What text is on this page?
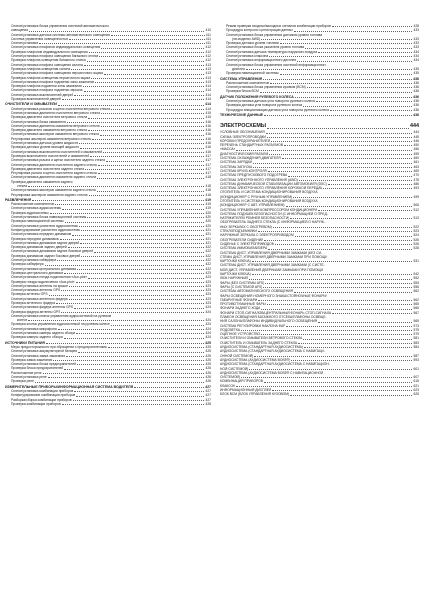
Снятие/установка блока управления системой автоматического
освещения	410
Снятие/установка датчика системы автоматического освещения	411
Система управления освещенностью	411
Снятие/установка	411
Снятие/установка плафонов индивидуального освещения	412
Проверка плафонов индивидуального освещения	412
Снятие/установка плафона освещения багажного отсека	412
Проверка плафона освещения багажного отсека	412
Снятие/установка плафона освещения салона	413
Проверка плафона освещения салона	413
Снятие/установка плафона освещения перчаточного ящика	413
Проверка плафона освещения перчаточного ящика	413
Снятие/установка плафона подсветки зоны зажигания	413
Проверка плафона подсветки зоны зажигания	414
Снятие/установка плафона подсветки зеркала	414
Снятие/установка выключателей дверей	414
Проверка выключателей дверей	414
ОЧИСТИТЕЛИ И ОМЫВАТЕЛИ	414
Снятие/установка рычагов и щеток очистителя ветрового стекла	414
Снятие/установка двигателя очистителя ветрового стекла	415
Проверка двигателя очистителя ветрового стекла	415
Снятие/установка бачка омывателя	416
Снятие/установка двигателя омывателя ветрового стекла	416
Проверка двигателя омывателя ветрового стекла	416
Снятие/установка жиклеров омывателя ветрового стекла	416
Регулировка жиклеров омывателя ветрового стекла	416
Снятие/установка датчика уровня жидкости	416
Проверка датчика уровня моющей жидкости	416
Снятие/установка выключателя очистителей и омывателей	416
Проверка выключателя очистителей и омывателей	417
Снятие/установка рычага и щетки очистителя заднего стекла	417
Снятие/установка двигателя очистителя заднего стекла	417
Проверка двигателя очистителя заднего стекла	417
Регулировка рычага и щеток очистителя заднего стекла	417
Снятие/установка двигателя омывателя заднего стекла	418
Проверка двигателя омывателя заднего
стекла	418
Снятие/установка жиклеров омывателя заднего стекла	418
Регулировка жиклеров омывателя заднего стекла	418
РАЗВЛЕЧЕНИЯ	419
Расположение компонентов	419
Снятие/установка аудиосистемы	419
Проверка аудиосистемы	420
Снятие/установка блока навигационной системы	420
Проверка навигационной системы	420
Снятие/установка усилителя аудиосистемы	420
Конфигурирование усилителя аудиосистемы	421
Снятие/установка передних динамиков	421
Проверка передних динамиков	421
Снятие/установка динамиков задних дверей	421
Проверка динамиков задних дверей	422
Снятие/установка динамиков задних боковых дверей	422
Проверка динамиков задних боковых дверей	422
Снятие/установка сабвуфера	422
Проверка сабвуфера	422
Снятие/установка центрального динамика	422
Проверка центрального динамика	423
Снятие/установка гнезда подключения «Aux-plot»	423
Проверка гнезда подключения «Aux-plot»	423
Снятие/установка антенны на крыше	423
Снятие/установка антенны GPS	423
Проверка антенны GPS	423
Снятие/установка антенного фидера	423
Проверка антенного фидера	423
Снятие/установка фидера антенны GPS	424
Проверка фидера антенны GPS	424
Снятие/установка кнопок управления аудиосистемой на рулевом
колесе	424
Проверка кнопок управления аудиосистемой на рулевом колесе	424
Снятие/установка микрофона	424
Снятие/установка камеры заднего обзора	424
Проверка камеры заднего обзора	424
ИСТОЧНИКИ ПИТАНИЯ	425
Меры предосторожности при обращении с предохранителями	425
Снятие/установка аккумуляторной батареи	425
Снятие/установка замка зажигания	425
Проверка замка зажигания	425
Снятие/установка блока предохранителей	425
Проверка блока предохранителей	426
Расположение реле	426
Снятие/установка реле	426
Проверка реле	426
ИЗМЕРИТЕЛЬНЫЕ ПРИБОРЫ/ИНФОРМАЦИОННАЯ СИСТЕМА ВОДИТЕЛЯ	427
Снятие/установка комбинации приборов	427
Конфигурирование комбинации приборов	427
Разборка/сборка комбинации приборов	427
Проверка комбинации приборов	428
Режим проверки входных/выходных сигналов комбинации приборов	428
Процедура контроля и регистрации данных	433
Снятие/установка блока управления датчиком уровня топлива
(на моделях AWD)	433
Проверка датчика уровня топлива	433
Снятие/установка блока указателя уровня топлива	433
Снятие/установка датчика температуры наружного воздуха	434
Снятие/установка клаксона	434
Снятие/установка информационного дисплея	434
Снятие/установка блока управления системой информационного
дисплея	435
Проверка навигационной системы	435
СИСТЕМА УПРАВЛЕНИЯ	436
Расположение компонентов	436
Снятие/установка блока управления кузовом (BCM)	436
Проверка блока BCM	436
ДАТЧИК ПОЛОЖЕНИЯ РУЛЕВОГО КОЛЕСА	436
Снятие/установка датчика угла поворота рулевого колеса	436
Проверка датчика угла поворота рулевого колеса	436
Процедура инициализации датчика угла поворота рулевого колеса	436
ТЕХНИЧЕСКИЕ ДАННЫЕ	436
ЭЛЕКТРОСХЕМЫ	444
УСЛОВНЫЕ ОБОЗНАЧЕНИЯ	444
СХЕМА ЭЛЕКТРОПРОВОДКИ	445
КОРОБКИ ПРЕДОХРАНИТЕЛЕЙ	446
ПЕРЕЧЕНЬ СТАНДАРТНЫХ РАЗЪЕМОВ	450
«МАССА»	456
ДИАГНОСТИЧЕСКИЙ РАЗЪЕМ	459
СИСТЕМА ОХЛАЖДЕНИЯ ДВИГАТЕЛЯ	460
СИСТЕМА ЗАРЯДКИ	461
СИСТЕМА ЗАПУСКА	463
СИСТЕМА КРУИЗ-КОНТРОЛЯ	469
СИСТЕМА ПРЕДПУСКОВОГО ПОДОГРЕВА	470
СИСТЕМА ЭЛЕКТРОННОГО УПРАВЛЕНИЯ (AWD)	478
СИСТЕМА ДИНАМИЧЕСКОЙ СТАБИЛИЗАЦИИ АВТОМОБИЛЯ (DSC)	486
СИСТЕМА ЭЛЕКТРОННОГО УПРАВЛЕНИЯ КОРОБКОЙ ПЕРЕДАЧ	493
ОТОПИТЕЛЬ И СИСТЕМА КОНДИЦИОНИРОВАНИЯ ВОЗДУХА
(КОНДИЦИОНЕР С РУЧНЫМ УПРАВЛЕНИЕМ)	499
ОТОПИТЕЛЬ И СИСТЕМА КОНДИЦИОНИРОВАНИЯ ВОЗДУХА
(КОНДИЦИОНЕР С АВТ. УПРАВЛЕНИЕМ)	506
СИСТЕМА УПРАВЛЕНИЯ КОМПРЕССОРОМ КОНДИЦИОНЕРА	512
СИСТЕМА ПОДУШЕК БЕЗОПАСНОСТИ (С ИНФОРМАЦИЕЙ О ПРЕД-
НАТЯЖИТЕЛЯХ РЕМНЕЙ БЕЗОПАСНОСТИ)	513
ОБОГРЕВАТЕЛЬ ЗАДНЕГО СТЕКЛА (С ИНФОРМАЦИЕЙ О НАРУЖ-
НЫХ ЗЕРКАЛАХ С ОБОГРЕВОМ)	522
СТЕКЛОПОДЪЕМНИКИ	523
НАРУЖНЫЕ ЗЕРКАЛА С ЭЛЕКТРОПРИВОДОМ	524
ОБОГРЕВАТЕЛИ СИДЕНИЙ	526
СИДЕНЬЕ С ЭЛЕКТРОПРИВОДОМ	526
СИСТЕМА ИММОБИЛАЙЗЕРА	528
СИСТЕМА ДИСТ. УПРАВЛЕНИЯ ДВЕРНЫМИ ЗАМКАМИ (БЕЗ СИ-
СТЕМЫ ДИСТ. УПРАВЛЕНИЯ ДВЕРНЫМИ ЗАМКАМИ ПРИ ПОМОЩИ
КАРТОЧКИ КЛЮЧА)	531
СИСТЕМА ДИСТ. УПРАВЛЕНИЯ ДВЕРНЫМИ ЗАМКАМИ (С СИСТЕ-
МОЙ ДИСТ. УПРАВЛЕНИЯ ДВЕРНЫМИ ЗАМКАМИ ПРИ ПОМОЩИ
КАРТОЧКИ КЛЮЧА)	542
ЛЮК НАРУЖНЫЙ	552
ФАРЫ (БЕЗ СИСТЕМЫ AFS)	553
ФАРЫ (С СИСТЕМОЙ AFS)	556
СИСТЕМА АВТОМАТИЧЕСКОГО ОСВЕЩЕНИЯ	562
ФАРЫ ОСВЕЩЕНИЯ НОМЕРНОГО ЗНАКА/СТОЯНОЧНЫЕ ФОНАРИ/
ГАБАРИТНЫЕ ФОНАРИ	562
ПРОТИВОТУМАННЫЕ ФАРЫ	565
ФОНАРИ ЗАДНЕГО ХОДА	566
ФОНАРИ СТОП-СИГНАЛОВ/ЦЕНТРАЛЬНЫЙ ФОНАРЬ СТОП-СИГНАЛА	567
ПЛАФОН ОСВЕЩЕНИЯ БАГАЖНОГО ОТСЕКА/ПЛАФОНЫ ОСВЕЩЕ-
НИЯ САЛОНА/ПЛАФОНЫ ИНДИВИДУАЛЬНОГО ОСВЕЩЕНИЯ	569
СИСТЕМА РЕГУЛИРОВКИ НАКЛОНА ФАР	573
ПОДСВЕТКА	575
ОЦЕПНОЕ УСТРОЙСТВО	579
ОЧИСТИТЕЛИ И ОМЫВАТЕЛИ ВЕТРОВОГО СТЕКЛА	581
ОЧИСТИТЕЛЬ И ОМЫВАТЕЛЬ ЗАДНЕГО СТЕКЛА	583
АУДИОСИСТЕМА (СТАНДАРТНАЯ АУДИОСИСТЕМА)	584
АУДИОСИСТЕМА (СТАНДАРТНАЯ АУДИОСИСТЕМА С НАВИГАЦИ-
ОННОЙ СИСТЕМОЙ)	587
АУДИОСИСТЕМА (АУДИОСИСТЕМА BOSE®)	593
АУДИОСИСТЕМА (СТАНДАРТНАЯ АУДИОСИСТЕМА С НАВИГАЦИОН-
НОЙ СИСТЕМОЙ)	601
АУДИОСИСТЕМА (АУДИОСИСТЕМА BOSE® С НАВИГАЦИОННОЙ
СИСТЕМОЙ)	607
КОМБИНАЦИЯ ПРИБОРОВ	615
КЛАКСОН	621
ИНФОРМАЦИОННЫЙ ДИСПЛЕЙ	623
БЛОК BCM (БЛОК УПРАВЛЕНИЯ КУЗОВОМ)	625
